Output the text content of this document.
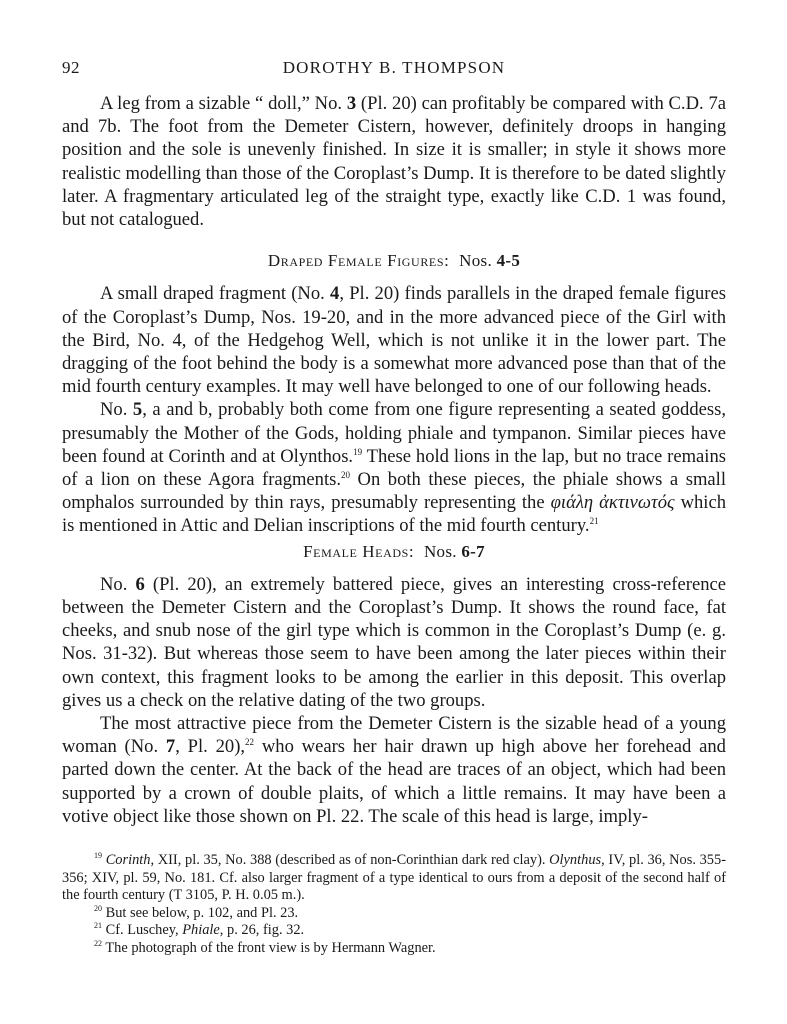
92	DOROTHY B. THOMPSON

A leg from a sizable “ doll,” No. 3 (Pl. 20) can profitably be compared with C.D. 7a and 7b. The foot from the Demeter Cistern, however, definitely droops in hanging position and the sole is unevenly finished. In size it is smaller; in style it shows more realistic modelling than those of the Coroplast’s Dump. It is therefore to be dated slightly later. A fragmentary articulated leg of the straight type, exactly like C.D. 1 was found, but not catalogued.

Draped Female Figures: Nos. 4-5

A small draped fragment (No. 4, Pl. 20) finds parallels in the draped female figures of the Coroplast’s Dump, Nos. 19-20, and in the more advanced piece of the Girl with the Bird, No. 4, of the Hedgehog Well, which is not unlike it in the lower part. The dragging of the foot behind the body is a somewhat more advanced pose than that of the mid fourth century examples. It may well have belonged to one of our following heads.

No. 5, a and b, probably both come from one figure representing a seated goddess, presumably the Mother of the Gods, holding phiale and tympanon. Similar pieces have been found at Corinth and at Olynthos.$^{19}$ These hold lions in the lap, but no trace remains of a lion on these Agora fragments.$^{20}$ On both these pieces, the phiale shows a small omphalos surrounded by thin rays, presumably representing the φιάλη ἀκτινωτός which is mentioned in Attic and Delian inscriptions of the mid fourth century.$^{21}$

Female Heads: Nos. 6-7

No. 6 (Pl. 20), an extremely battered piece, gives an interesting cross-reference between the Demeter Cistern and the Coroplast’s Dump. It shows the round face, fat cheeks, and snub nose of the girl type which is common in the Coroplast’s Dump (e. g. Nos. 31-32). But whereas those seem to have been among the later pieces within their own context, this fragment looks to be among the earlier in this deposit. This overlap gives us a check on the relative dating of the two groups.

The most attractive piece from the Demeter Cistern is the sizable head of a young woman (No. 7, Pl. 20),$^{22}$ who wears her hair drawn up high above her forehead and parted down the center. At the back of the head are traces of an object, which had been supported by a crown of double plaits, of which a little remains. It may have been a votive object like those shown on Pl. 22. The scale of this head is large, imply-

$^{19}$ Corinth, XII, pl. 35, No. 388 (described as of non-Corinthian dark red clay). Olynthus, IV, pl. 36, Nos. 355-356; XIV, pl. 59, No. 181. Cf. also larger fragment of a type identical to ours from a deposit of the second half of the fourth century (T 3105, P. H. 0.05 m.).

$^{20}$ But see below, p. 102, and Pl. 23.

$^{21}$ Cf. Luschey, Phiale, p. 26, fig. 32.

$^{22}$ The photograph of the front view is by Hermann Wagner.
